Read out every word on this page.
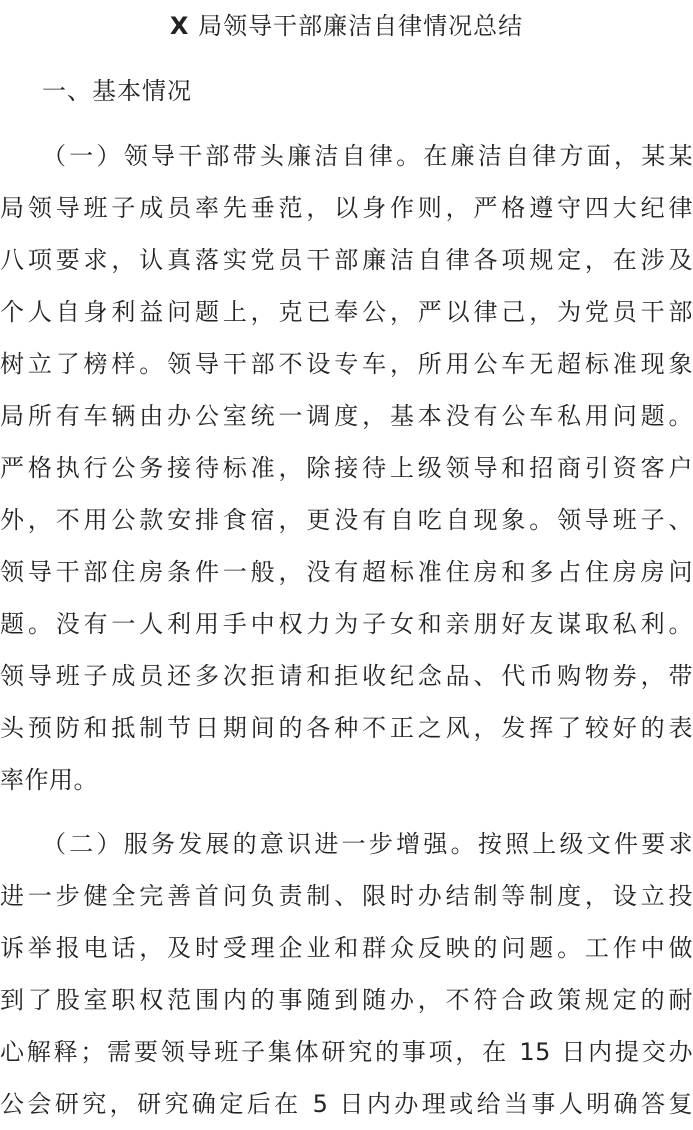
X 局领导干部廉洁自律情况总结
一、基本情况
（一）领导干部带头廉洁自律。在廉洁自律方面，某某
局领导班子成员率先垂范，以身作则，严格遵守四大纪律
八项要求，认真落实党员干部廉洁自律各项规定，在涉及
个人自身利益问题上，克已奉公，严以律己，为党员干部
树立了榜样。领导干部不设专车，所用公车无超标准现象
局所有车辆由办公室统一调度，基本没有公车私用问题。
严格执行公务接待标准，除接待上级领导和招商引资客户
外，不用公款安排食宿，更没有自吃自现象。领导班子、
领导干部住房条件一般，没有超标准住房和多占住房房问
题。没有一人利用手中权力为子女和亲朋好友谋取私利。
领导班子成员还多次拒请和拒收纪念品、代币购物券，带
头预防和抵制节日期间的各种不正之风，发挥了较好的表
率作用。
（二）服务发展的意识进一步增强。按照上级文件要求
进一步健全完善首问负责制、限时办结制等制度，设立投
诉举报电话，及时受理企业和群众反映的问题。工作中做
到了股室职权范围内的事随到随办，不符合政策规定的耐
心解释；需要领导班子集体研究的事项，在 15 日内提交办
公会研究，研究确定后在 5 日内办理或给当事人明确答复
